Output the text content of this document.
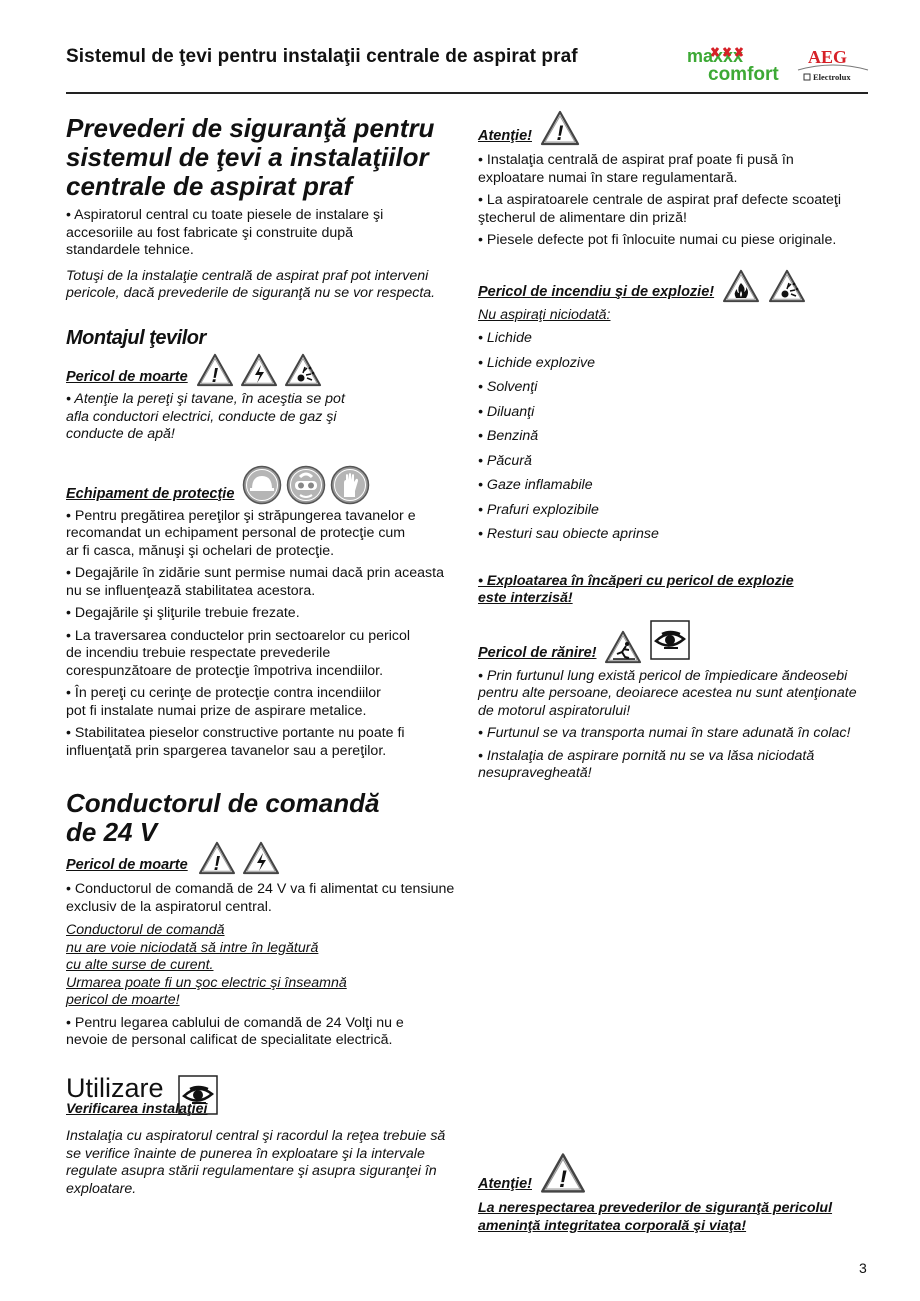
Sistemul de ţevi pentru instalaţii centrale de aspirat praf	maxxx
comfort
AEG
Electrolux
Prevederi de siguranţă pentru sistemul de ţevi a instalaţiilor centrale de aspirat praf

• Aspiratorul central cu toate piesele de instalare şi accesoriile au fost fabricate şi construite după standardele tehnice.

Totuşi de la instalaţie centrală de aspirat praf pot interveni pericole, dacă prevederile de siguranţă nu se vor respecta.

Montajul ţevilor
Pericol de moarte !

• Atenţie la pereţi şi tavane, în aceştia se pot afla conductori electrici, conducte de gaz şi conducte de apă!

Echipament de protecţie

• Pentru pregătirea pereţilor şi străpungerea tavanelor e recomandat un echipament personal de protecţie cum ar fi casca, mănuşi şi ochelari de protecţie.

• Degajările în zidărie sunt permise numai dacă prin aceasta nu se influenţează stabilitatea acestora.

• Degajările şi şliţurile trebuie frezate.

• La traversarea conductelor prin sectoarelor cu pericol de incendiu trebuie respectate prevederile corespunzătoare de protecţie împotriva incendiilor.

• În pereţi cu cerinţe de protecţie contra incendiilor pot fi instalate numai prize de aspirare metalice.

• Stabilitatea pieselor constructive portante nu poate fi influenţată prin spargerea tavanelor sau a pereţilor.

Conductorul de comandă
de 24 V
Pericol de moarte !

• Conductorul de comandă de 24 V va fi alimentat cu tensiune exclusiv de la aspiratorul central.

Conductorul de comandă
nu are voie niciodată să intre în legătură
cu alte surse de curent.
Urmarea poate fi un şoc electric şi înseamnă
pericol de moarte!

• Pentru legarea cablului de comandă de 24 Volţi nu e nevoie de personal calificat de specialitate electrică.

Utilizare
Verificarea instalaţiei

Instalaţia cu aspiratorul central şi racordul la reţea trebuie să se verifice înainte de punerea în exploatare şi la intervale regulate asupra stării regulamentare şi asupra siguranţei în exploatare.

Atenţie! !

• Instalaţia centrală de aspirat praf poate fi pusă în exploatare numai în stare regulamentară.

• La aspiratoarele centrale de aspirat praf defecte scoateţi ştecherul de alimentare din priză!

• Piesele defecte pot fi înlocuite numai cu piese originale.

Pericol de incendiu şi de explozie!
Nu aspiraţi niciodată:
• Lichide
• Lichide explozive
• Solvenţi
• Diluanţi
• Benzină
• Păcură
• Gaze inflamabile
• Prafuri explozibile
• Resturi sau obiecte aprinse
• Exploatarea în încăperi cu pericol de explozie
este interzisă!
Pericol de rănire!

• Prin furtunul lung există pericol de împiedicare ăndeosebi pentru alte persoane, deoiarece acestea nu sunt atenţionate de motorul aspiratorului!

• Furtunul se va transporta numai în stare adunată în colac!

• Instalaţia de aspirare pornită nu se va lăsa niciodată nesupravegheată!

Atenţie! !
La nerespectarea prevederilor de siguranţă pericolul
ameninţă integritatea corporală şi viaţa!
3
